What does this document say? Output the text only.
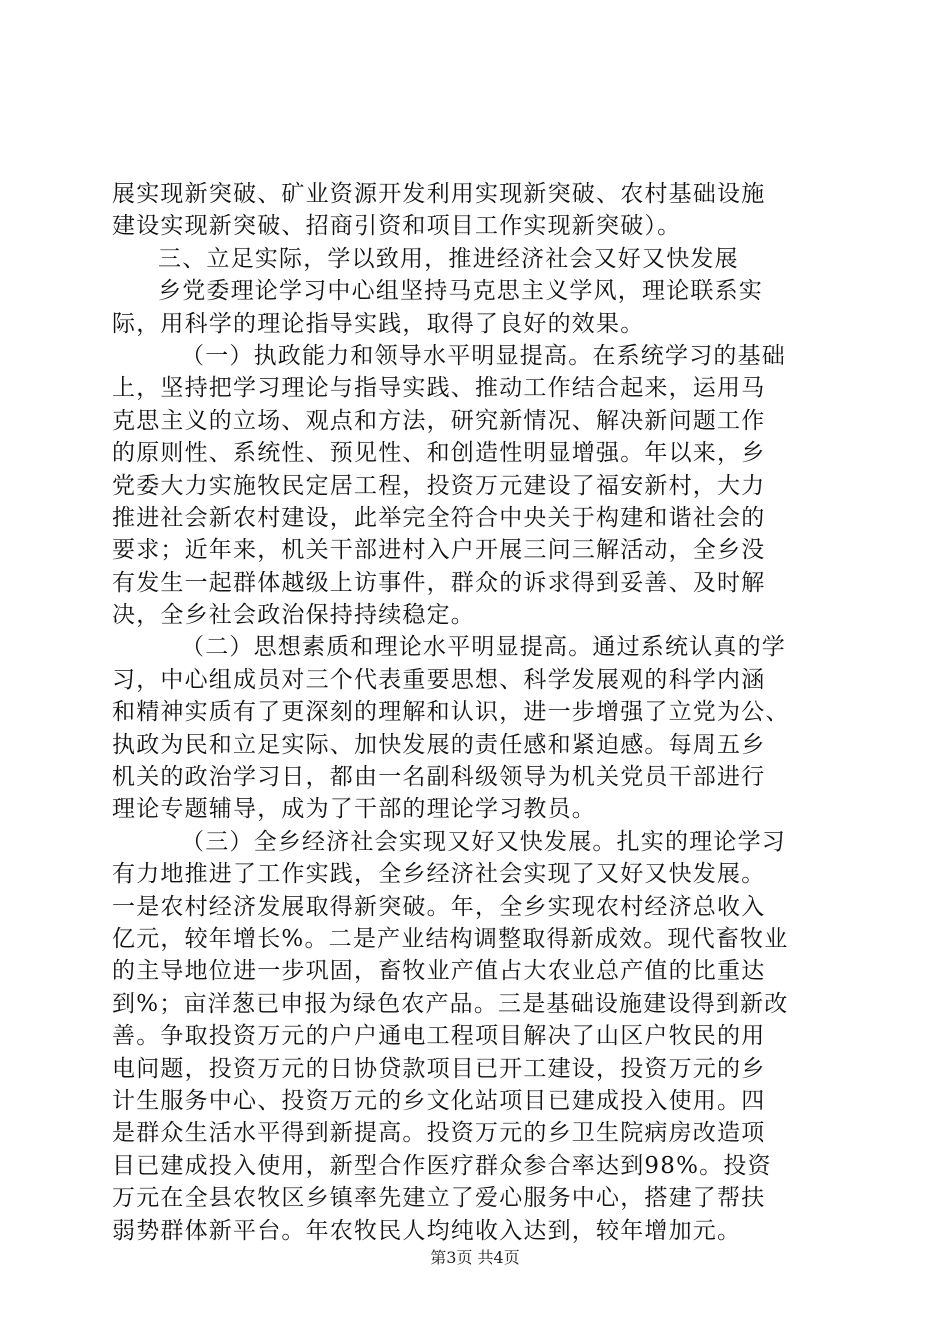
展实现新突破、矿业资源开发利用实现新突破、农村基础设施
建设实现新突破、招商引资和项目工作实现新突破）。
三、立足实际，学以致用，推进经济社会又好又快发展
乡党委理论学习中心组坚持马克思主义学风，理论联系实
际，用科学的理论指导实践，取得了良好的效果。
（一）执政能力和领导水平明显提高。在系统学习的基础
上，坚持把学习理论与指导实践、推动工作结合起来，运用马
克思主义的立场、观点和方法，研究新情况、解决新问题工作
的原则性、系统性、预见性、和创造性明显增强。年以来，乡
党委大力实施牧民定居工程，投资万元建设了福安新村，大力
推进社会新农村建设，此举完全符合中央关于构建和谐社会的
要求；近年来，机关干部进村入户开展三问三解活动，全乡没
有发生一起群体越级上访事件，群众的诉求得到妥善、及时解
决，全乡社会政治保持持续稳定。
（二）思想素质和理论水平明显提高。通过系统认真的学
习，中心组成员对三个代表重要思想、科学发展观的科学内涵
和精神实质有了更深刻的理解和认识，进一步增强了立党为公、
执政为民和立足实际、加快发展的责任感和紧迫感。每周五乡
机关的政治学习日，都由一名副科级领导为机关党员干部进行
理论专题辅导，成为了干部的理论学习教员。
（三）全乡经济社会实现又好又快发展。扎实的理论学习
有力地推进了工作实践，全乡经济社会实现了又好又快发展。
一是农村经济发展取得新突破。年，全乡实现农村经济总收入
亿元，较年增长%。二是产业结构调整取得新成效。现代畜牧业
的主导地位进一步巩固，畜牧业产值占大农业总产值的比重达
到%；亩洋葱已申报为绿色农产品。三是基础设施建设得到新改
善。争取投资万元的户户通电工程项目解决了山区户牧民的用
电问题，投资万元的日协贷款项目已开工建设，投资万元的乡
计生服务中心、投资万元的乡文化站项目已建成投入使用。四
是群众生活水平得到新提高。投资万元的乡卫生院病房改造项
目已建成投入使用，新型合作医疗群众参合率达到98%。投资
万元在全县农牧区乡镇率先建立了爱心服务中心，搭建了帮扶
弱势群体新平台。年农牧民人均纯收入达到，较年增加元。
第3页 共4页
